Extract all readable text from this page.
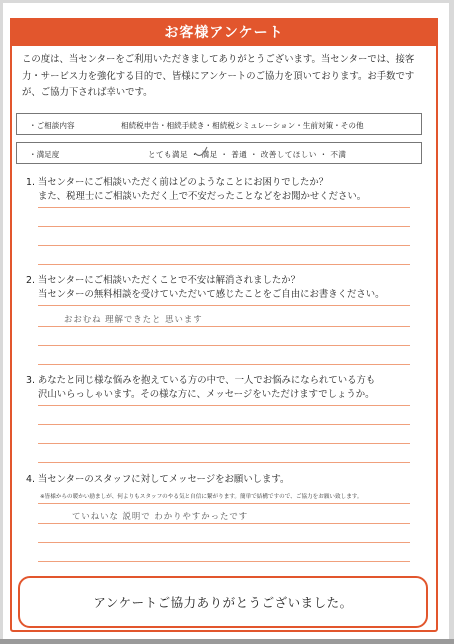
お客様アンケート
この度は、当センターをご利用いただきましてありがとうございます。当センターでは、接客力・サービス力を強化する目的で、皆様にアンケートのご協力を頂いております。お手数ですが、ご協力下されば幸いです。
・ご相談内容	相続税申告・相続手続き・相続税シミュレーション・生前対策・その他
・満足度	とても満足 ・ 満足 ・ 普通 ・ 改善してほしい ・ 不満
1. 当センターにご相談いただく前はどのようなことにお困りでしたか？
また、税理士にご相談いただく上で不安だったことなどをお聞かせください。
2. 当センターにご相談いただくことで不安は解消されましたか？
当センターの無料相談を受けていただいて感じたことをご自由にお書きください。
おおむね 理解できたと 思います
3. あなたと同じ様な悩みを抱えている方の中で、一人でお悩みになられている方も
沢山いらっしゃいます。その様な方に、メッセージをいただけますでしょうか。
4. 当センターのスタッフに対してメッセージをお願いします。
※皆様からの暖かい励ましが、何よりもスタッフのやる気と自信に繋がります。簡単で結構ですので、ご協力をお願い致します。
ていねいな 説明で わかりやすかったです
アンケートご協力ありがとうございました。
